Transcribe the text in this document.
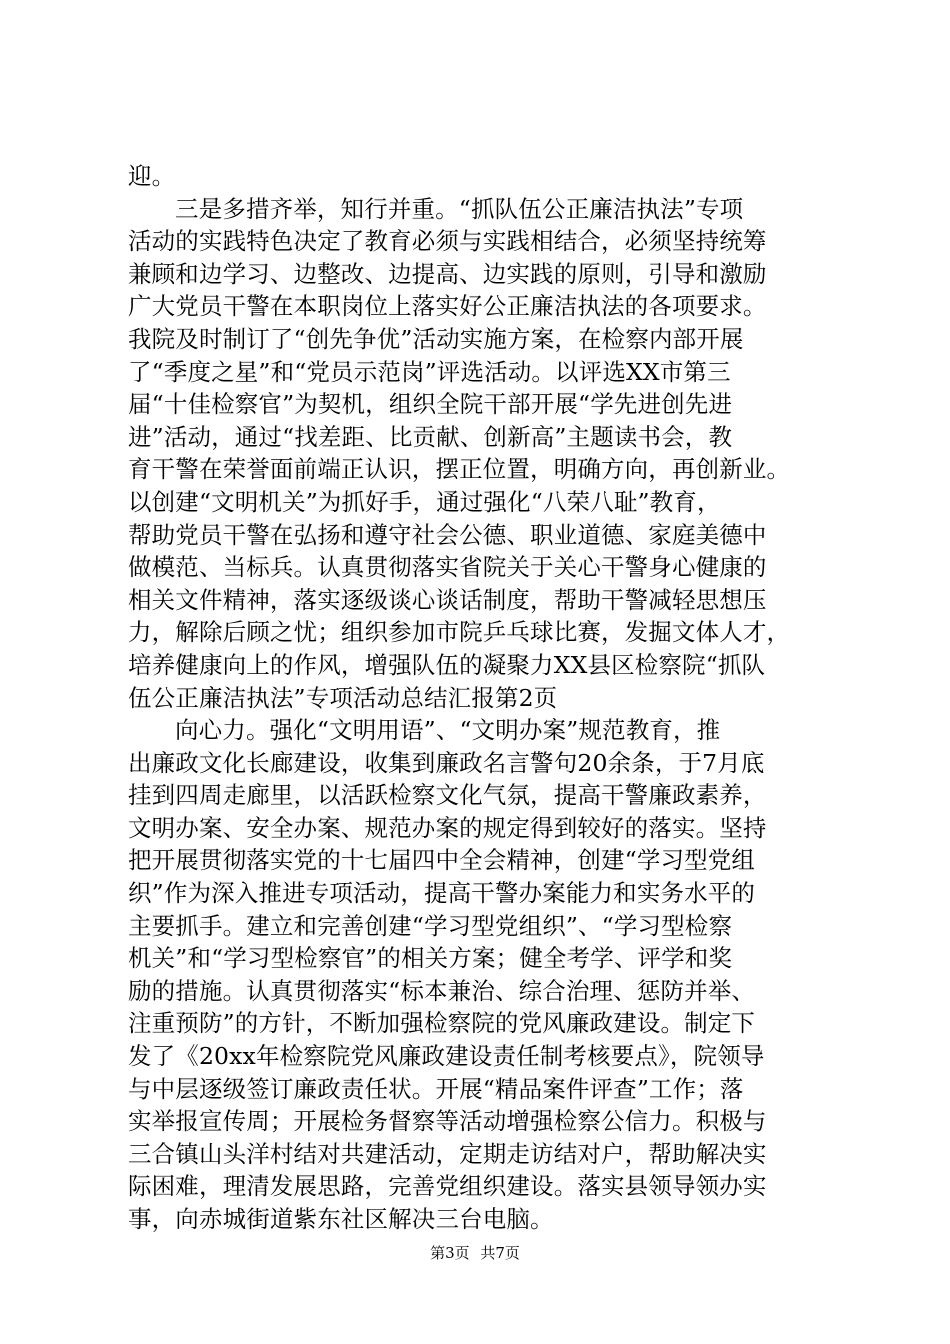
迎。
三是多措齐举，知行并重。“抓队伍公正廉洁执法”专项
活动的实践特色决定了教育必须与实践相结合，必须坚持统筹
兼顾和边学习、边整改、边提高、边实践的原则，引导和激励
广大党员干警在本职岗位上落实好公正廉洁执法的各项要求。
我院及时制订了“创先争优”活动实施方案，在检察内部开展
了“季度之星”和“党员示范岗”评选活动。以评选XX市第三
届“十佳检察官”为契机，组织全院干部开展“学先进创先进
进”活动，通过“找差距、比贡献、创新高”主题读书会，教
育干警在荣誉面前端正认识，摆正位置，明确方向，再创新业。
以创建“文明机关”为抓好手，通过强化“八荣八耻”教育，
帮助党员干警在弘扬和遵守社会公德、职业道德、家庭美德中
做模范、当标兵。认真贯彻落实省院关于关心干警身心健康的
相关文件精神，落实逐级谈心谈话制度，帮助干警减轻思想压
力，解除后顾之忧；组织参加市院乒乓球比赛，发掘文体人才，
培养健康向上的作风，增强队伍的凝聚力XX县区检察院“抓队
伍公正廉洁执法”专项活动总结汇报第2页
向心力。强化“文明用语”、“文明办案”规范教育，推
出廉政文化长廊建设，收集到廉政名言警句20余条，于7月底
挂到四周走廊里，以活跃检察文化气氛，提高干警廉政素养，
文明办案、安全办案、规范办案的规定得到较好的落实。坚持
把开展贯彻落实党的十七届四中全会精神，创建“学习型党组
织”作为深入推进专项活动，提高干警办案能力和实务水平的
主要抓手。建立和完善创建“学习型党组织”、“学习型检察
机关”和“学习型检察官”的相关方案；健全考学、评学和奖
励的措施。认真贯彻落实“标本兼治、综合治理、惩防并举、
注重预防”的方针，不断加强检察院的党风廉政建设。制定下
发了《20xx年检察院党风廉政建设责任制考核要点》，院领导
与中层逐级签订廉政责任状。开展“精品案件评查”工作；落
实举报宣传周；开展检务督察等活动增强检察公信力。积极与
三合镇山头洋村结对共建活动，定期走访结对户，帮助解决实
际困难，理清发展思路，完善党组织建设。落实县领导领办实
事，向赤城街道紫东社区解决三台电脑。
第3页 共7页
